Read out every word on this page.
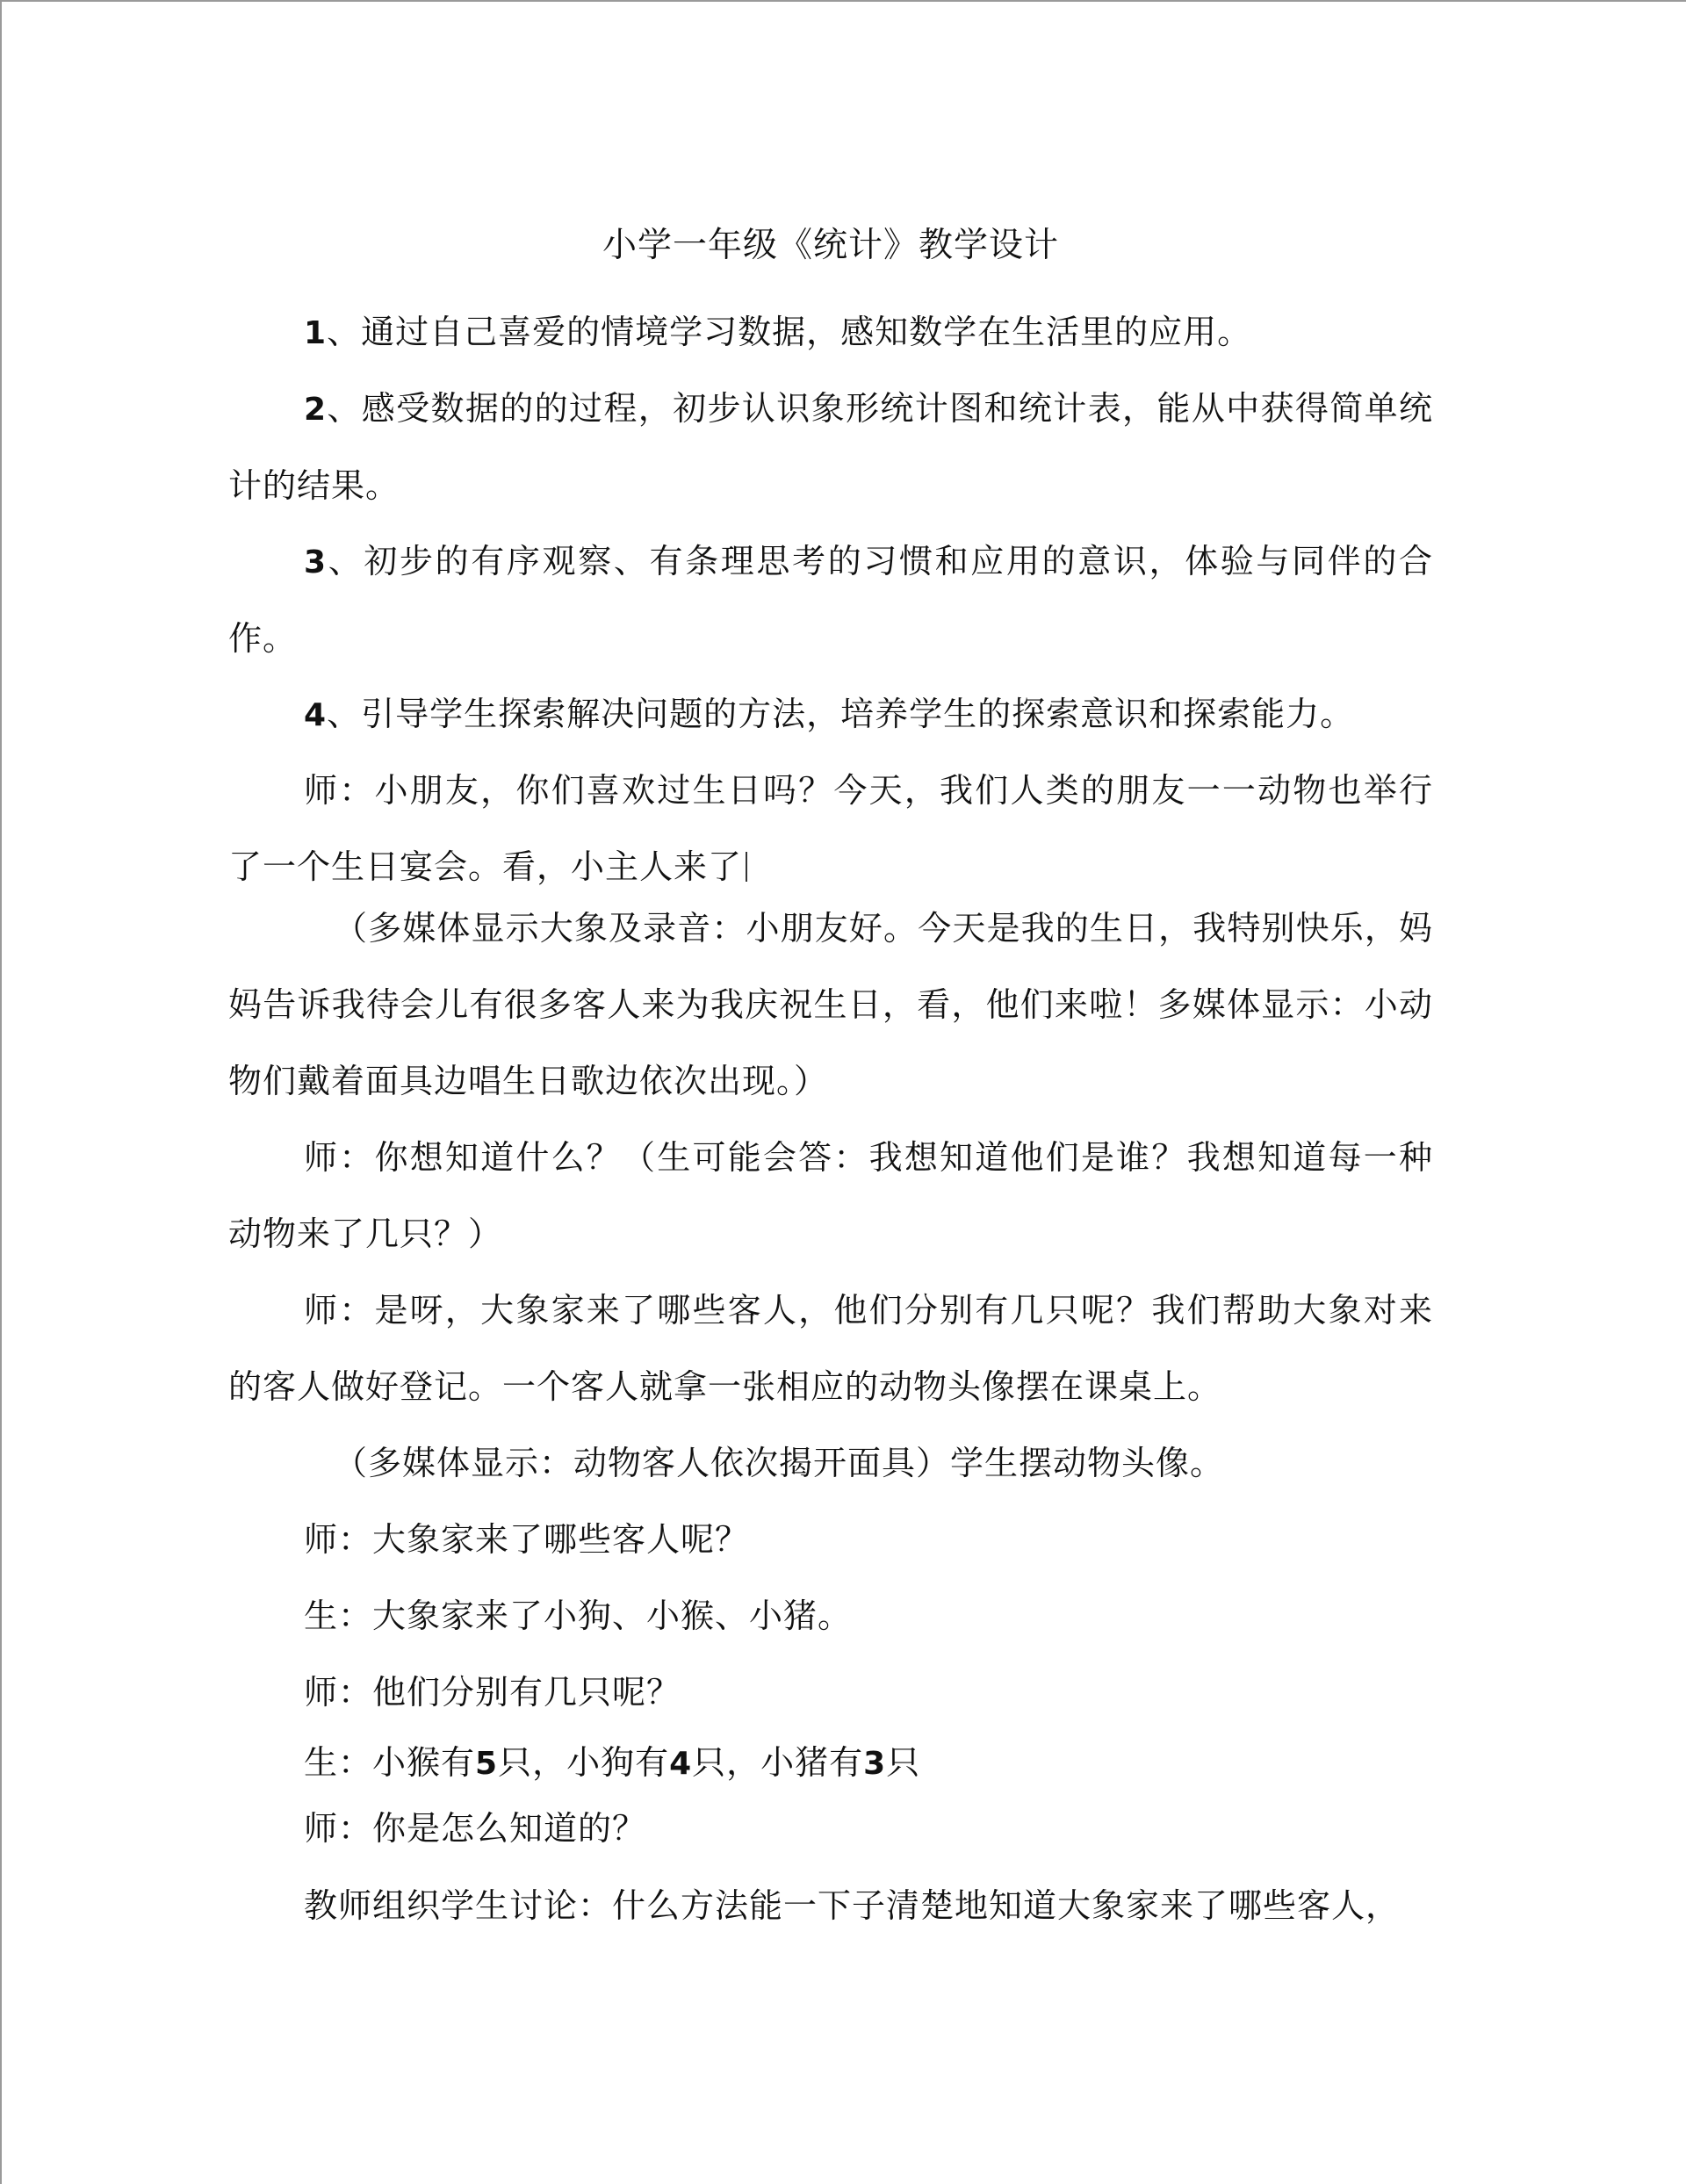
小学一年级《统计》教学设计

1、通过自己喜爱的情境学习数据，感知数学在生活里的应用。

2、感受数据的的过程，初步认识象形统计图和统计表，能从中获得简单统计的结果。

3、初步的有序观察、有条理思考的习惯和应用的意识，体验与同伴的合作。

4、引导学生探索解决问题的方法，培养学生的探索意识和探索能力。

师：小朋友，你们喜欢过生日吗？今天，我们人类的朋友一一动物也举行了一个生日宴会。看，小主人来了

（多媒体显示大象及录音：小朋友好。今天是我的生日，我特别快乐，妈妈告诉我待会儿有很多客人来为我庆祝生日，看，他们来啦！多媒体显示：小动物们戴着面具边唱生日歌边依次出现。）

师：你想知道什么？（生可能会答：我想知道他们是谁？我想知道每一种动物来了几只？）

师：是呀，大象家来了哪些客人，他们分别有几只呢？我们帮助大象对来的客人做好登记。一个客人就拿一张相应的动物头像摆在课桌上。

（多媒体显示：动物客人依次揭开面具）学生摆动物头像。

师：大象家来了哪些客人呢？

生：大象家来了小狗、小猴、小猪。

师：他们分别有几只呢？

生：小猴有5只，小狗有4只，小猪有3只

师：你是怎么知道的？

教师组织学生讨论：什么方法能一下子清楚地知道大象家来了哪些客人，
